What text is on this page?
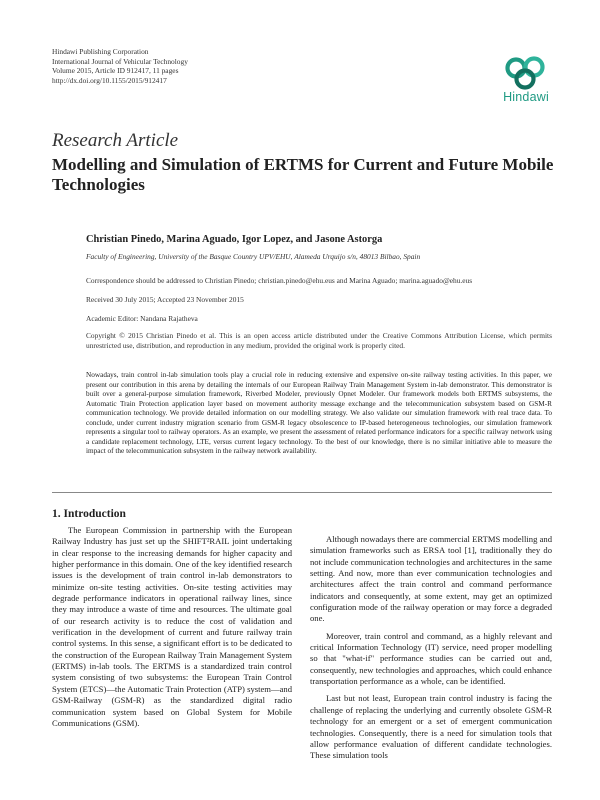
Hindawi Publishing Corporation
International Journal of Vehicular Technology
Volume 2015, Article ID 912417, 11 pages
http://dx.doi.org/10.1155/2015/912417
Hindawi
Research Article
Modelling and Simulation of ERTMS for Current and Future Mobile Technologies
Christian Pinedo, Marina Aguado, Igor Lopez, and Jasone Astorga
Faculty of Engineering, University of the Basque Country UPV/EHU, Alameda Urquijo s/n, 48013 Bilbao, Spain
Correspondence should be addressed to Christian Pinedo; christian.pinedo@ehu.eus and Marina Aguado; marina.aguado@ehu.eus
Received 30 July 2015; Accepted 23 November 2015
Academic Editor: Nandana Rajatheva
Copyright © 2015 Christian Pinedo et al. This is an open access article distributed under the Creative Commons Attribution License, which permits unrestricted use, distribution, and reproduction in any medium, provided the original work is properly cited.
Nowadays, train control in-lab simulation tools play a crucial role in reducing extensive and expensive on-site railway testing activities. In this paper, we present our contribution in this arena by detailing the internals of our European Railway Train Management System in-lab demonstrator. This demonstrator is built over a general-purpose simulation framework, Riverbed Modeler, previously Opnet Modeler. Our framework models both ERTMS subsystems, the Automatic Train Protection application layer based on movement authority message exchange and the telecommunication subsystem based on GSM-R communication technology. We provide detailed information on our modelling strategy. We also validate our simulation framework with real trace data. To conclude, under current industry migration scenario from GSM-R legacy obsolescence to IP-based heterogeneous technologies, our simulation framework represents a singular tool to railway operators. As an example, we present the assessment of related performance indicators for a specific railway network using a candidate replacement technology, LTE, versus current legacy technology. To the best of our knowledge, there is no similar initiative able to measure the impact of the telecommunication subsystem in the railway network availability.
1. Introduction

The European Commission in partnership with the European Railway Industry has just set up the SHIFT²RAIL joint undertaking in clear response to the increasing demands for higher capacity and higher performance in this domain. One of the key identified research issues is the development of train control in-lab demonstrators to minimize on-site testing activities. On-site testing activities may degrade performance indicators in operational railway lines, since they may introduce a waste of time and resources. The ultimate goal of our research activity is to reduce the cost of validation and verification in the development of current and future railway train control systems. In this sense, a significant effort is to be dedicated to the construction of the European Railway Train Management System (ERTMS) in-lab tools. The ERTMS is a standardized train control system consisting of two subsystems: the European Train Control System (ETCS)—the Automatic Train Protection (ATP) system—and GSM-Railway (GSM-R) as the standardized digital radio communication system based on Global System for Mobile Communications (GSM).

Although nowadays there are commercial ERTMS modelling and simulation frameworks such as ERSA tool [1], traditionally they do not include communication technologies and architectures in the same setting. And now, more than ever communication technologies and architectures affect the train control and command performance indicators and consequently, at some extent, may get an optimized configuration mode of the railway operation or may force a degraded one.

Moreover, train control and command, as a highly relevant and critical Information Technology (IT) service, need proper modelling so that "what-if" performance studies can be carried out and, consequently, new technologies and approaches, which could enhance transportation performance as a whole, can be identified.

Last but not least, European train control industry is facing the challenge of replacing the underlying and currently obsolete GSM-R technology for an emergent or a set of emergent communication technologies. Consequently, there is a need for simulation tools that allow performance evaluation of different candidate technologies. These simulation tools
